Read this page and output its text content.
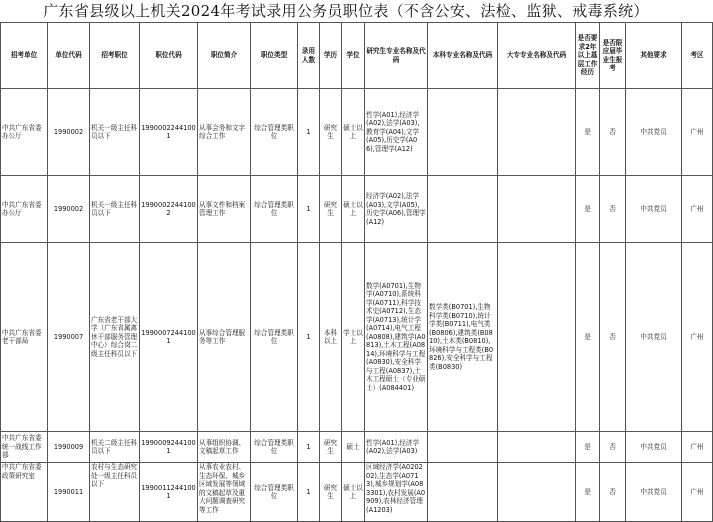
广东省县级以上机关2024年考试录用公务员职位表（不含公安、法检、监狱、戒毒系统）
招考单位	单位代码	招考职位	职位代码	职位简介	职位类型	录用人数	学历	学位	研究生专业名称及代码	本科专业名称及代码	大专专业名称及代码	是否要求2年以上基层工作经历	是否限应届毕业生报考	其他要求	考区
中共广东省委办公厅	1990002	机关一级主任科员以下	19900022441001	从事会务和文字综合工作	综合管理类职位	1	研究生	硕士以上	哲学(A01),经济学(A02),法学(A03),教育学(A04),文学(A05),历史学(A06),管理学(A12)			是	否	中共党员	广州
中共广东省委办公厅	1990002	机关一级主任科员以下	19900022441002	从事文件和档案管理工作	综合管理类职位	1	研究生	硕士以上	经济学(A02),法学(A03),文学(A05),历史学(A06),管理学(A12)			是	否	中共党员	广州
中共广东省委老干部局	1990007	广东省老干部大学（广东省属离休干部服务管理中心）综合岗二级主任科员以下	19900072441001	从事综合管理服务等工作	综合管理类职位	1	本科以上	学士以上	数学(A0701),生物学(A0710),系统科学(A0711),科学技术史(A0712),生态学(A0713),统计学(A0714),电气工程(A0808),建筑学(A0813),土木工程(A0814),环境科学与工程(A0830),安全科学与工程(A0837),土木工程硕士（专业硕士）(A084401)	数学类(B0701),生物科学类(B0710),统计学类(B0711),电气类(B0806),建筑类(B0810),土木类(B0810),环境科学与工程类(B0826),安全科学与工程类(B0830)		是	否	中共党员	广州
中共广东省委统一战线工作部	1990009	机关二级主任科员以下	19900092441001	从事组织协调、文稿起草工作	综合管理类职位	1	研究生	硕士	哲学(A01),经济学(A02),法学(A03)			是	否	中共党员	广州
中共广东省委政策研究室	1990011	农村与生态研究处一级主任科员以下	19900112441001	从事农业农村、生态环保、城乡区域发展等领域的文稿起草及重大问题调查研究等工作	综合管理类职位	1	研究生	硕士以上	区域经济学(A020202),生态学(A0713),城乡规划学(A083301),农村发展(A0909),农林经济管理(A1203)			是	否	中共党员	广州
